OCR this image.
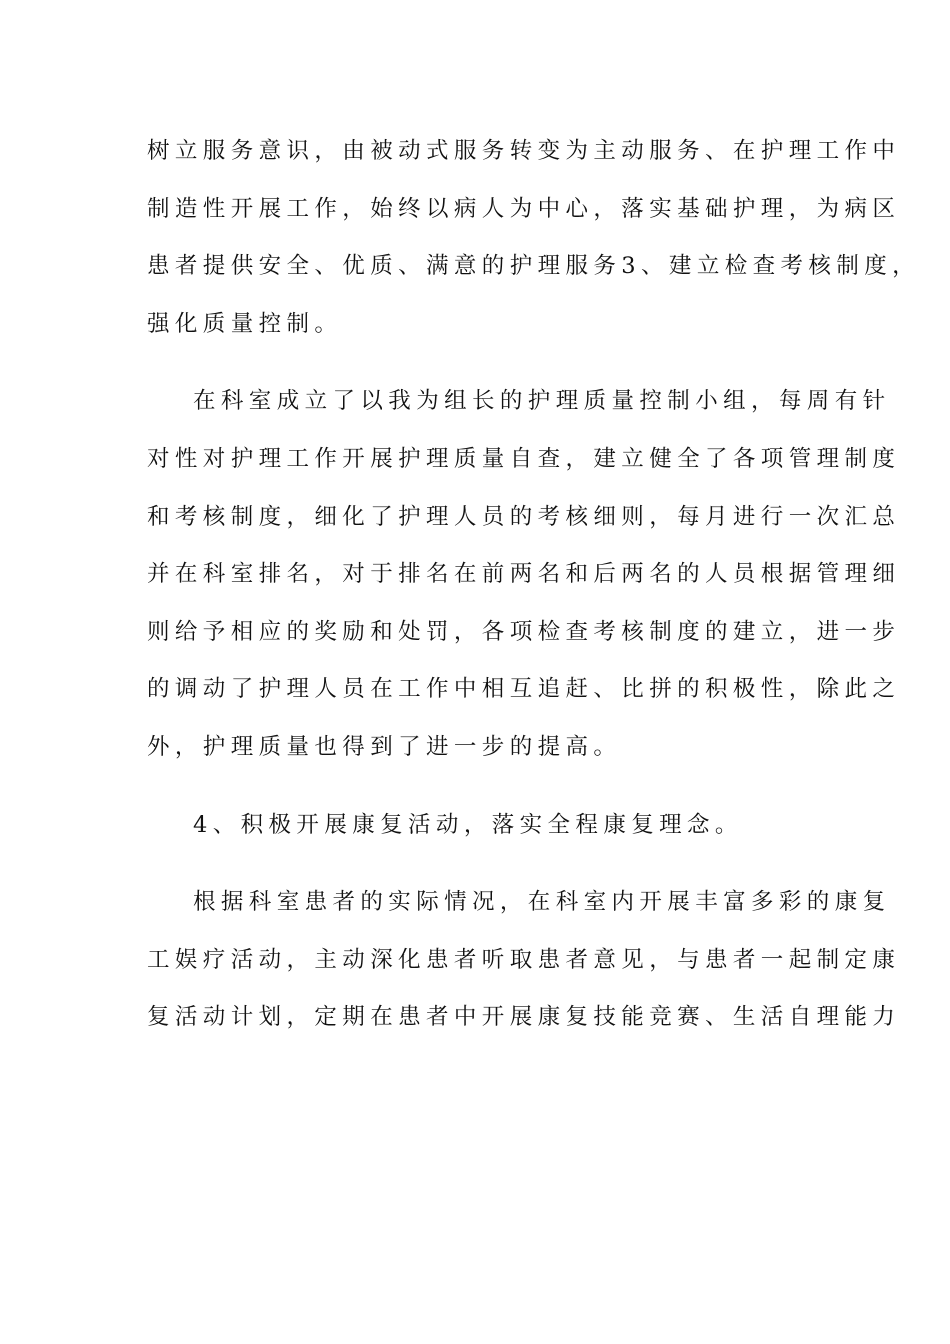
树立服务意识，由被动式服务转变为主动服务、在护理工作中
制造性开展工作，始终以病人为中心，落实基础护理，为病区
患者提供安全、优质、满意的护理服务3、建立检查考核制度，
强化质量控制。

在科室成立了以我为组长的护理质量控制小组，每周有针
对性对护理工作开展护理质量自查，建立健全了各项管理制度
和考核制度，细化了护理人员的考核细则，每月进行一次汇总
并在科室排名，对于排名在前两名和后两名的人员根据管理细
则给予相应的奖励和处罚，各项检查考核制度的建立，进一步
的调动了护理人员在工作中相互追赶、比拼的积极性，除此之
外，护理质量也得到了进一步的提高。

4、积极开展康复活动，落实全程康复理念。

根据科室患者的实际情况，在科室内开展丰富多彩的康复
工娱疗活动，主动深化患者听取患者意见，与患者一起制定康
复活动计划，定期在患者中开展康复技能竞赛、生活自理能力
